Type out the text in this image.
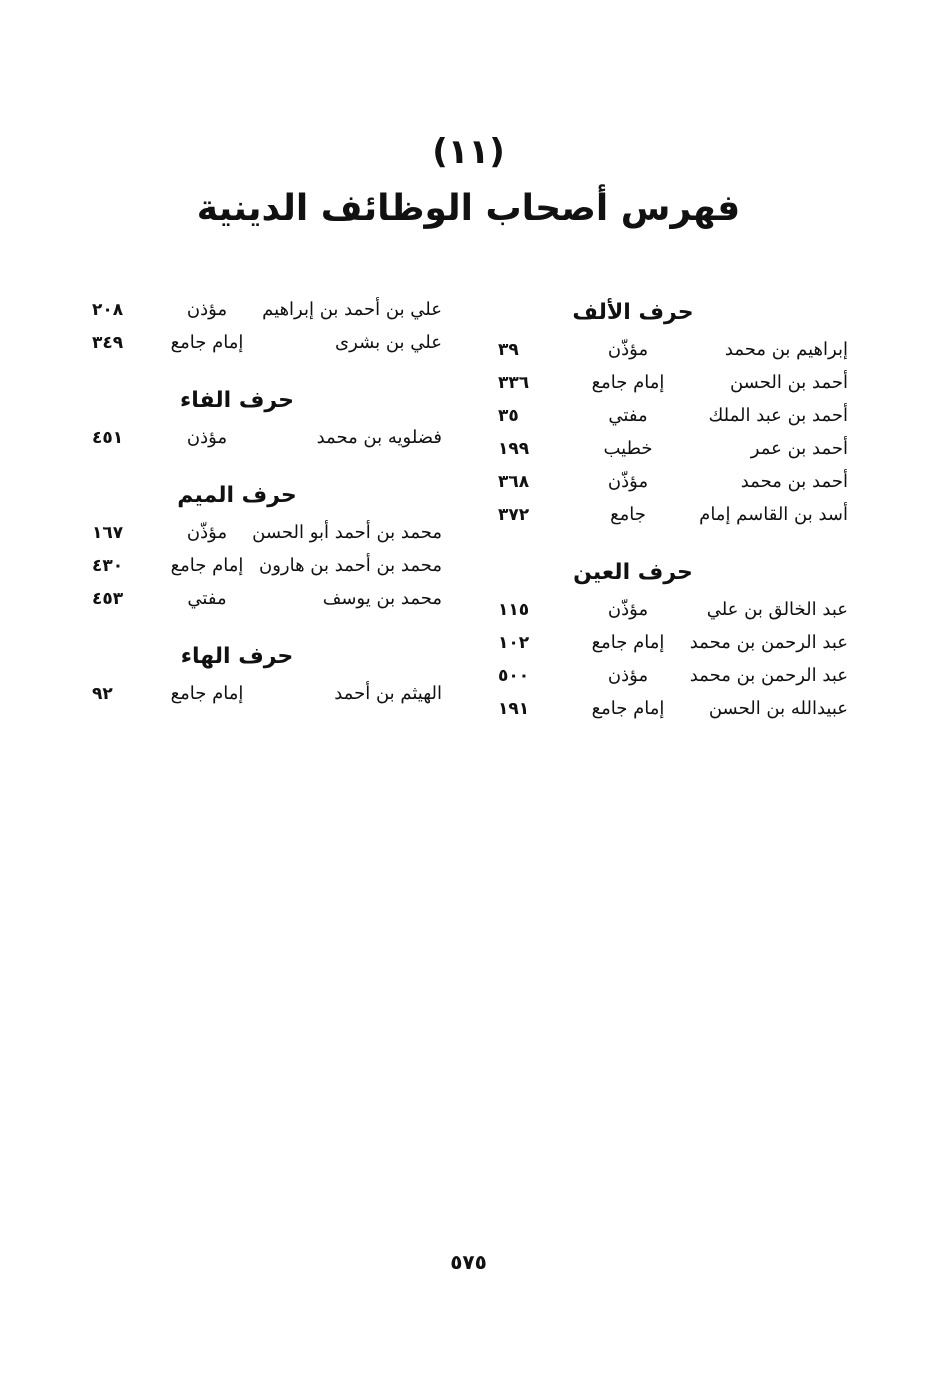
(١١)
فهرس أصحاب الوظائف الدينية
حرف الألف
إبراهيم بن محمد
مؤذّن
٣٩
أحمد بن الحسن
إمام جامع
٣٣٦
أحمد بن عبد الملك
مفتي
٣٥
أحمد بن عمر
خطيب
١٩٩
أحمد بن محمد
مؤذّن
٣٦٨
أسد بن القاسم إمام
جامع
٣٧٢
حرف العين
عبد الخالق بن علي
مؤذّن
١١٥
عبد الرحمن بن محمد
إمام جامع
١٠٢
عبد الرحمن بن محمد
مؤذن
٥٠٠
عبيدالله بن الحسن
إمام جامع
١٩١
علي بن أحمد بن إبراهيم
مؤذن
٢٠٨
علي بن بشرى
إمام جامع
٣٤٩
حرف الفاء
فضلويه بن محمد
مؤذن
٤٥١
حرف الميم
محمد بن أحمد أبو الحسن
مؤذّن
١٦٧
محمد بن أحمد بن هارون
إمام جامع
٤٣٠
محمد بن يوسف
مفتي
٤٥٣
حرف الهاء
الهيثم بن أحمد
إمام جامع
٩٢
٥٧٥
